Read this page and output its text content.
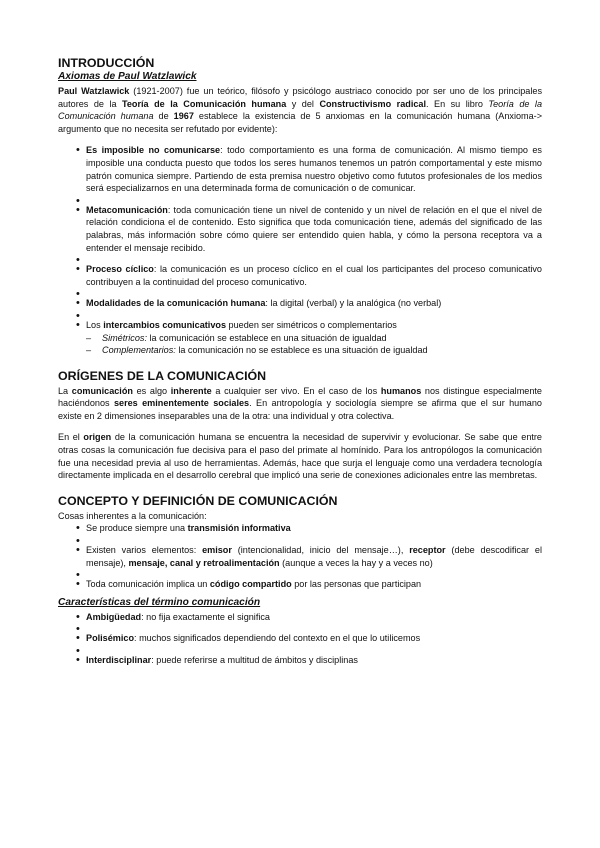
INTRODUCCIÓN
Axiomas de Paul Watzlawick

Paul Watzlawick (1921-2007) fue un teórico, filósofo y psicólogo austriaco conocido por ser uno de los principales autores de la Teoría de la Comunicación humana y del Constructivismo radical. En su libro Teoría de la Comunicación humana de 1967 establece la existencia de 5 anxiomas en la comunicación humana (Anxioma-> argumento que no necesita ser refutado por evidente):

• Es imposible no comunicarse: todo comportamiento es una forma de comunicación. Al mismo tiempo es imposible una conducta puesto que todos los seres humanos tenemos un patrón comportamental y este mismo patrón comunica siempre. Partiendo de esta premisa nuestro objetivo como fututos profesionales de los medios será especializarnos en una determinada forma de comunicación o de comunicar.
•
• Metacomunicación: toda comunicación tiene un nivel de contenido y un nivel de relación en el que el nivel de relación condiciona el de contenido. Esto significa que toda comunicación tiene, además del significado de las palabras, más información sobre cómo quiere ser entendido quien habla, y cómo la persona receptora va a entender el mensaje recibido.
•
• Proceso cíclico: la comunicación es un proceso cíclico en el cual los participantes del proceso comunicativo contribuyen a la continuidad del proceso comunicativo.
•
• Modalidades de la comunicación humana: la digital (verbal) y la analógica (no verbal)
•
• Los intercambios comunicativos pueden ser simétricos o complementarios
– Simétricos: la comunicación se establece en una situación de igualdad
– Complementarios: la comunicación no se establece es una situación de igualdad
ORÍGENES DE LA COMUNICACIÓN

La comunicación es algo inherente a cualquier ser vivo. En el caso de los humanos nos distingue especialmente haciéndonos seres eminentemente sociales. En antropología y sociología siempre se afirma que el sur humano existe en 2 dimensiones inseparables una de la otra: una individual y otra colectiva.

En el origen de la comunicación humana se encuentra la necesidad de supervivir y evolucionar. Se sabe que entre otras cosas la comunicación fue decisiva para el paso del primate al homínido. Para los antropólogos la comunicación fue una necesidad previa al uso de herramientas. Además, hace que surja el lenguaje como una verdadera tecnología directamente implicada en el desarrollo cerebral que implicó una serie de conexiones adicionales entre las membretas.

CONCEPTO Y DEFINICIÓN DE COMUNICACIÓN

Cosas inherentes a la comunicación:

• Se produce siempre una transmisión informativa
•
• Existen varios elementos: emisor (intencionalidad, inicio del mensaje…), receptor (debe descodificar el mensaje), mensaje, canal y retroalimentación (aunque a veces la hay y a veces no)
•
• Toda comunicación implica un código compartido por las personas que participan
Características del término comunicación
• Ambigüedad: no fija exactamente el significa
•
• Polisémico: muchos significados dependiendo del contexto en el que lo utilicemos
•
• Interdisciplinar: puede referirse a multitud de ámbitos y disciplinas
